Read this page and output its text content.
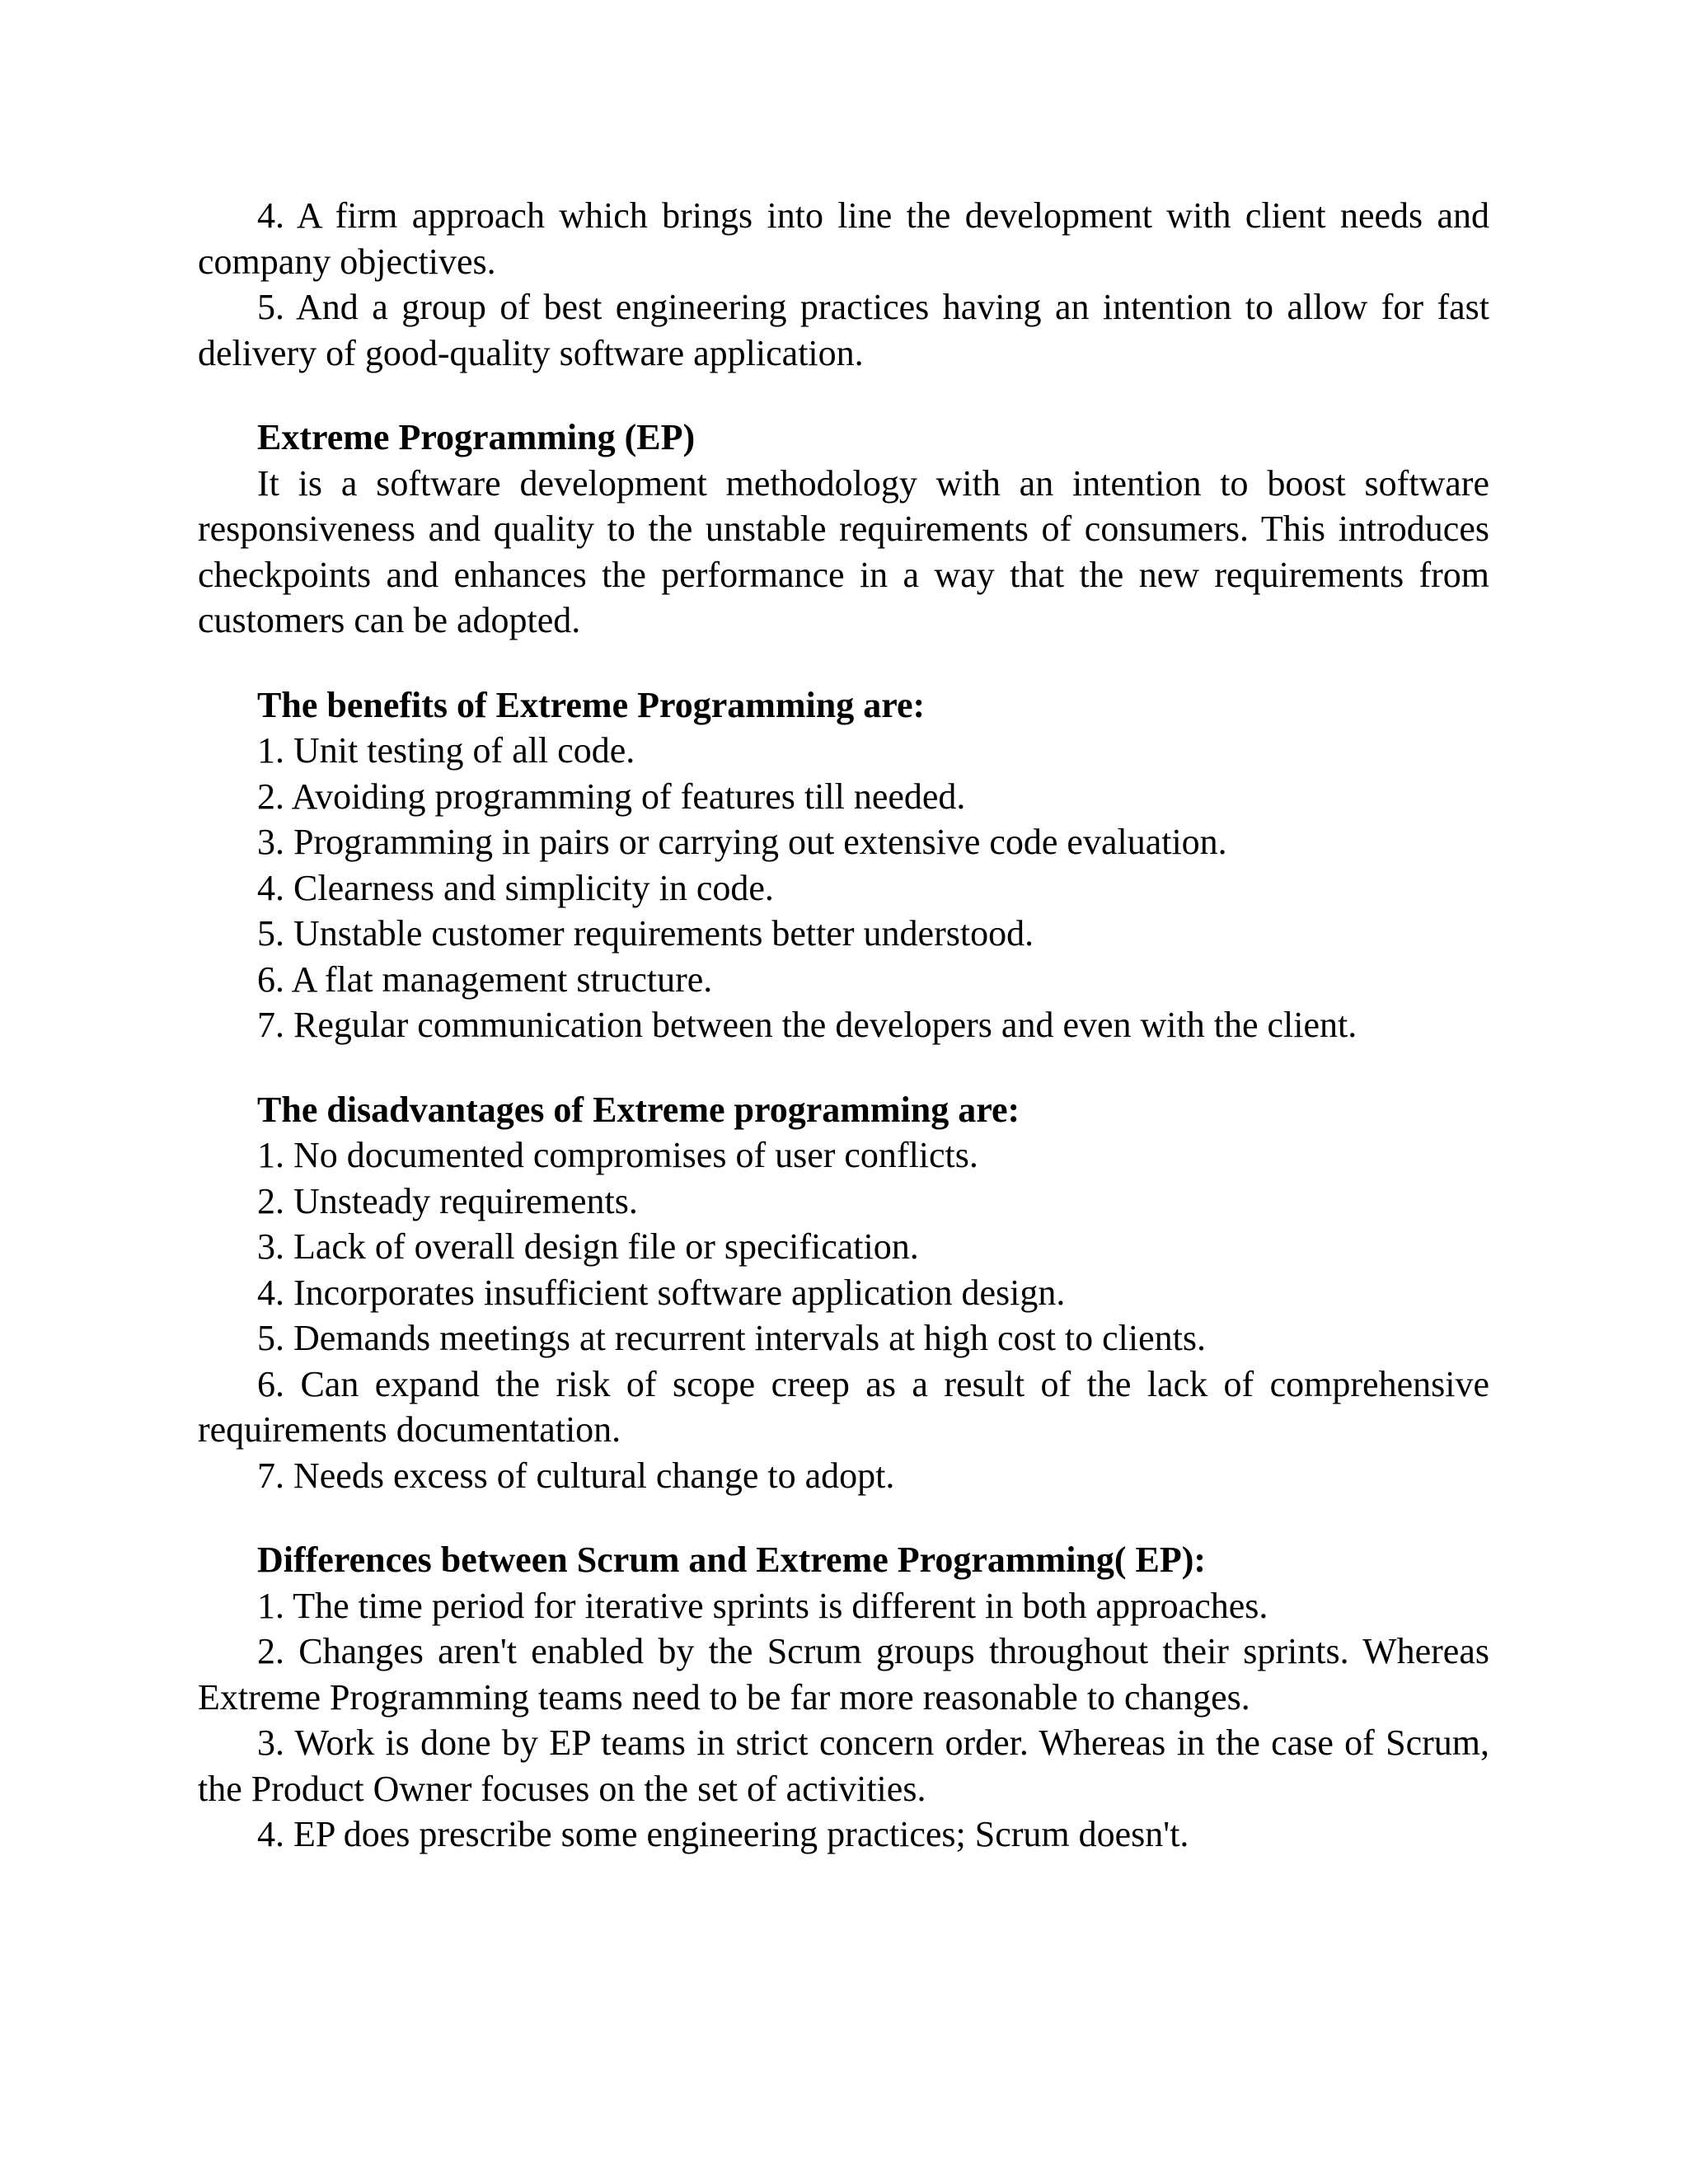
4. A firm approach which brings into line the development with client needs and company objectives.

5. And a group of best engineering practices having an intention to allow for fast delivery of good-quality software application.

Extreme Programming (EP)

It is a software development methodology with an intention to boost software responsiveness and quality to the unstable requirements of consumers. This introduces checkpoints and enhances the performance in a way that the new requirements from customers can be adopted.

The benefits of Extreme Programming are:

1. Unit testing of all code.

2. Avoiding programming of features till needed.

3. Programming in pairs or carrying out extensive code evaluation.

4. Clearness and simplicity in code.

5. Unstable customer requirements better understood.

6. A flat management structure.

7. Regular communication between the developers and even with the client.

The disadvantages of Extreme programming are:

1. No documented compromises of user conflicts.

2. Unsteady requirements.

3. Lack of overall design file or specification.

4. Incorporates insufficient software application design.

5. Demands meetings at recurrent intervals at high cost to clients.

6. Can expand the risk of scope creep as a result of the lack of comprehensive requirements documentation.

7. Needs excess of cultural change to adopt.

Differences between Scrum and Extreme Programming( EP):

1. The time period for iterative sprints is different in both approaches.

2. Changes aren't enabled by the Scrum groups throughout their sprints. Whereas Extreme Programming teams need to be far more reasonable to changes.

3. Work is done by EP teams in strict concern order. Whereas in the case of Scrum, the Product Owner focuses on the set of activities.

4. EP does prescribe some engineering practices; Scrum doesn't.
